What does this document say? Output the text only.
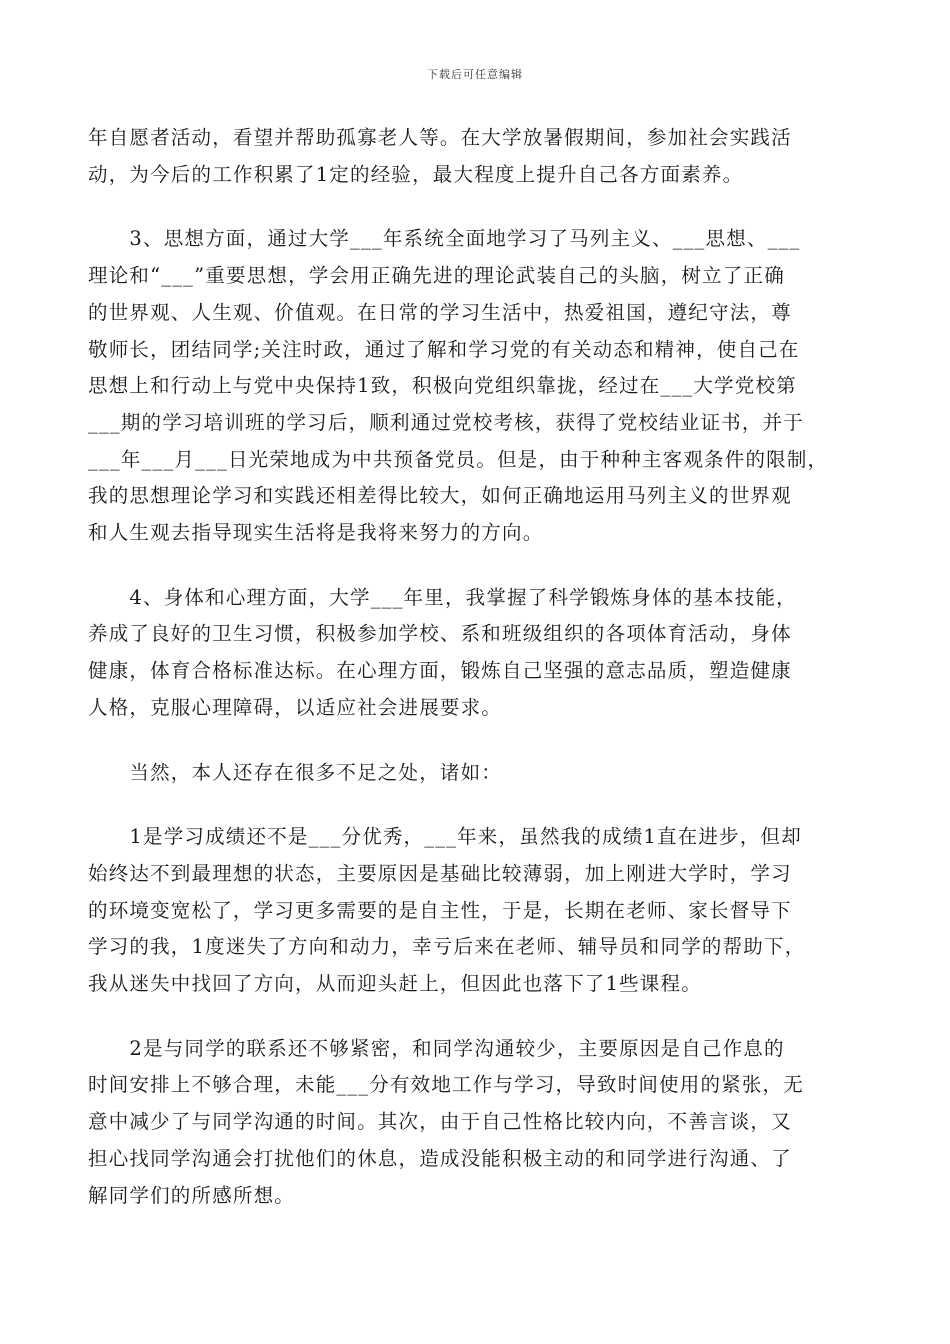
下载后可任意编辑

年自愿者活动，看望并帮助孤寡老人等。在大学放暑假期间，参加社会实践活
动，为今后的工作积累了1定的经验，最大程度上提升自己各方面素养。

　　3、思想方面，通过大学___年系统全面地学习了马列主义、___思想、___
理论和“___”重要思想，学会用正确先进的理论武装自己的头脑，树立了正确
的世界观、人生观、价值观。在日常的学习生活中，热爱祖国，遵纪守法，尊
敬师长，团结同学;关注时政，通过了解和学习党的有关动态和精神，使自己在
思想上和行动上与党中央保持1致，积极向党组织靠拢，经过在___大学党校第
___期的学习培训班的学习后，顺利通过党校考核，获得了党校结业证书，并于
___年___月___日光荣地成为中共预备党员。但是，由于种种主客观条件的限制，
我的思想理论学习和实践还相差得比较大，如何正确地运用马列主义的世界观
和人生观去指导现实生活将是我将来努力的方向。

　　4、身体和心理方面，大学___年里，我掌握了科学锻炼身体的基本技能，
养成了良好的卫生习惯，积极参加学校、系和班级组织的各项体育活动，身体
健康，体育合格标准达标。在心理方面，锻炼自己坚强的意志品质，塑造健康
人格，克服心理障碍，以适应社会进展要求。

　　当然，本人还存在很多不足之处，诸如：

　　1是学习成绩还不是___分优秀，___年来，虽然我的成绩1直在进步，但却
始终达不到最理想的状态，主要原因是基础比较薄弱，加上刚进大学时，学习
的环境变宽松了，学习更多需要的是自主性，于是，长期在老师、家长督导下
学习的我，1度迷失了方向和动力，幸亏后来在老师、辅导员和同学的帮助下，
我从迷失中找回了方向，从而迎头赶上，但因此也落下了1些课程。

　　2是与同学的联系还不够紧密，和同学沟通较少，主要原因是自己作息的
时间安排上不够合理，未能___分有效地工作与学习，导致时间使用的紧张，无
意中减少了与同学沟通的时间。其次，由于自己性格比较内向，不善言谈，又
担心找同学沟通会打扰他们的休息，造成没能积极主动的和同学进行沟通、了
解同学们的所感所想。
